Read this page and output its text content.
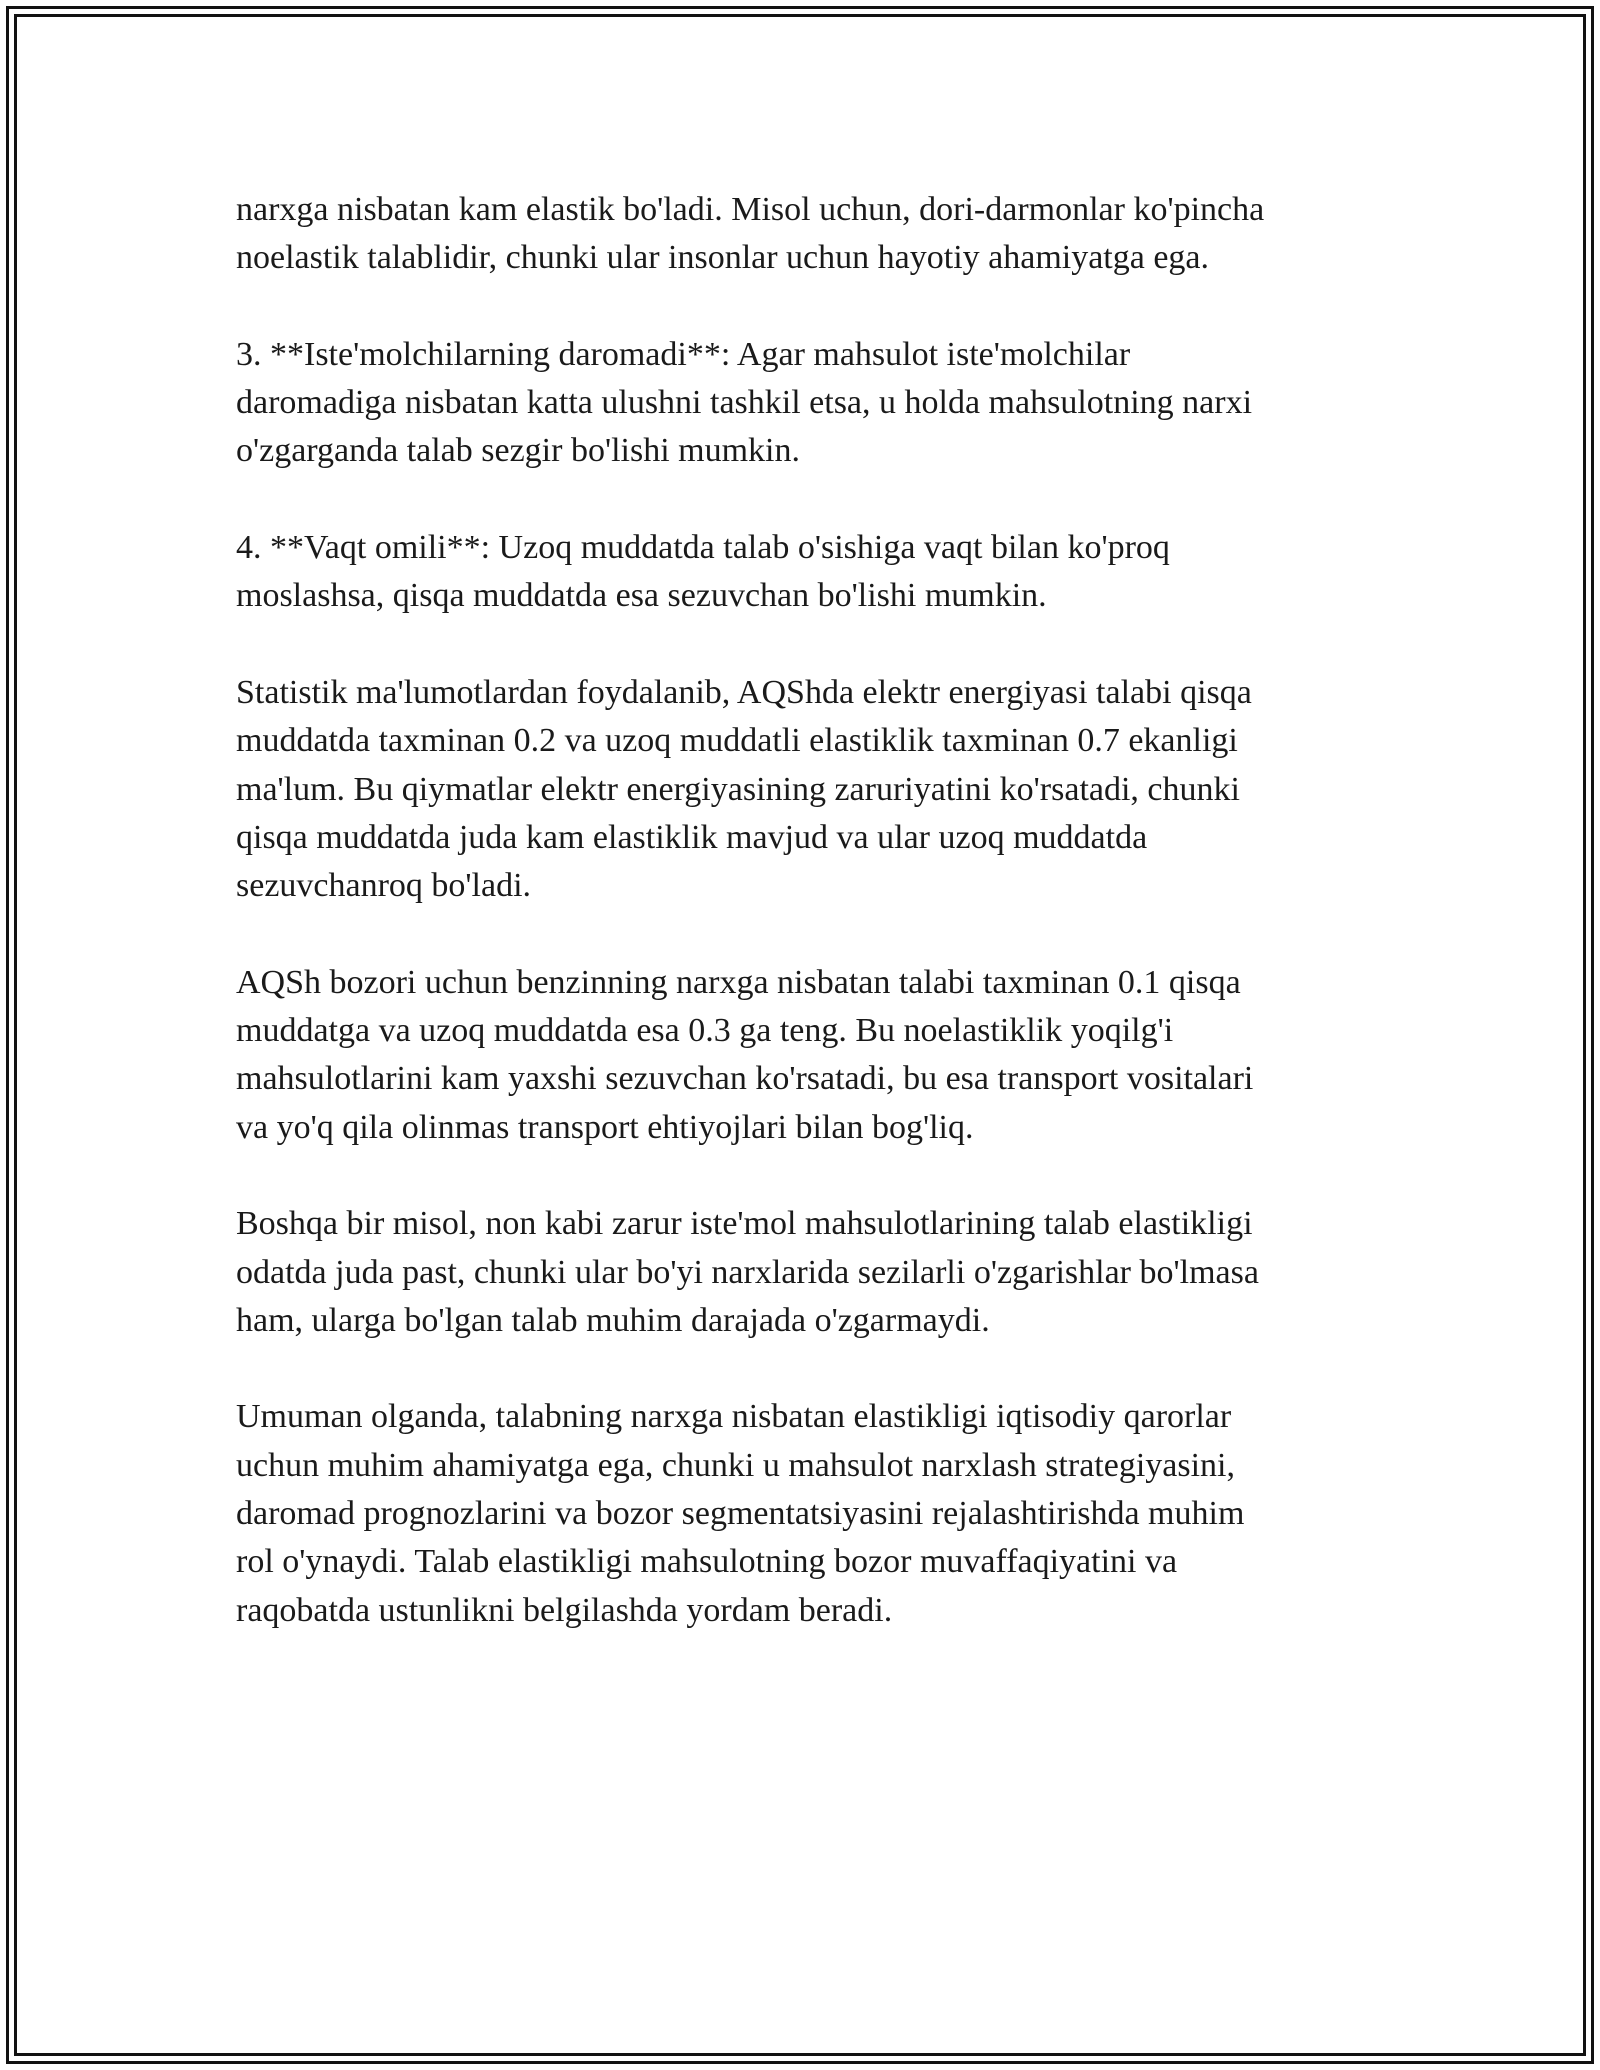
narxga nisbatan kam elastik bo'ladi. Misol uchun, dori-darmonlar ko'pincha
noelastik talablidir, chunki ular insonlar uchun hayotiy ahamiyatga ega.

3. **Iste'molchilarning daromadi**: Agar mahsulot iste'molchilar
daromadiga nisbatan katta ulushni tashkil etsa, u holda mahsulotning narxi
o'zgarganda talab sezgir bo'lishi mumkin.

4. **Vaqt omili**: Uzoq muddatda talab o'sishiga vaqt bilan ko'proq
moslashsa, qisqa muddatda esa sezuvchan bo'lishi mumkin.

Statistik ma'lumotlardan foydalanib, AQShda elektr energiyasi talabi qisqa
muddatda taxminan 0.2 va uzoq muddatli elastiklik taxminan 0.7 ekanligi
ma'lum. Bu qiymatlar elektr energiyasining zaruriyatini ko'rsatadi, chunki
qisqa muddatda juda kam elastiklik mavjud va ular uzoq muddatda
sezuvchanroq bo'ladi.

AQSh bozori uchun benzinning narxga nisbatan talabi taxminan 0.1 qisqa
muddatga va uzoq muddatda esa 0.3 ga teng. Bu noelastiklik yoqilg'i
mahsulotlarini kam yaxshi sezuvchan ko'rsatadi, bu esa transport vositalari
va yo'q qila olinmas transport ehtiyojlari bilan bog'liq.

Boshqa bir misol, non kabi zarur iste'mol mahsulotlarining talab elastikligi
odatda juda past, chunki ular bo'yi narxlarida sezilarli o'zgarishlar bo'lmasa
ham, ularga bo'lgan talab muhim darajada o'zgarmaydi.

Umuman olganda, talabning narxga nisbatan elastikligi iqtisodiy qarorlar
uchun muhim ahamiyatga ega, chunki u mahsulot narxlash strategiyasini,
daromad prognozlarini va bozor segmentatsiyasini rejalashtirishda muhim
rol o'ynaydi. Talab elastikligi mahsulotning bozor muvaffaqiyatini va
raqobatda ustunlikni belgilashda yordam beradi.
